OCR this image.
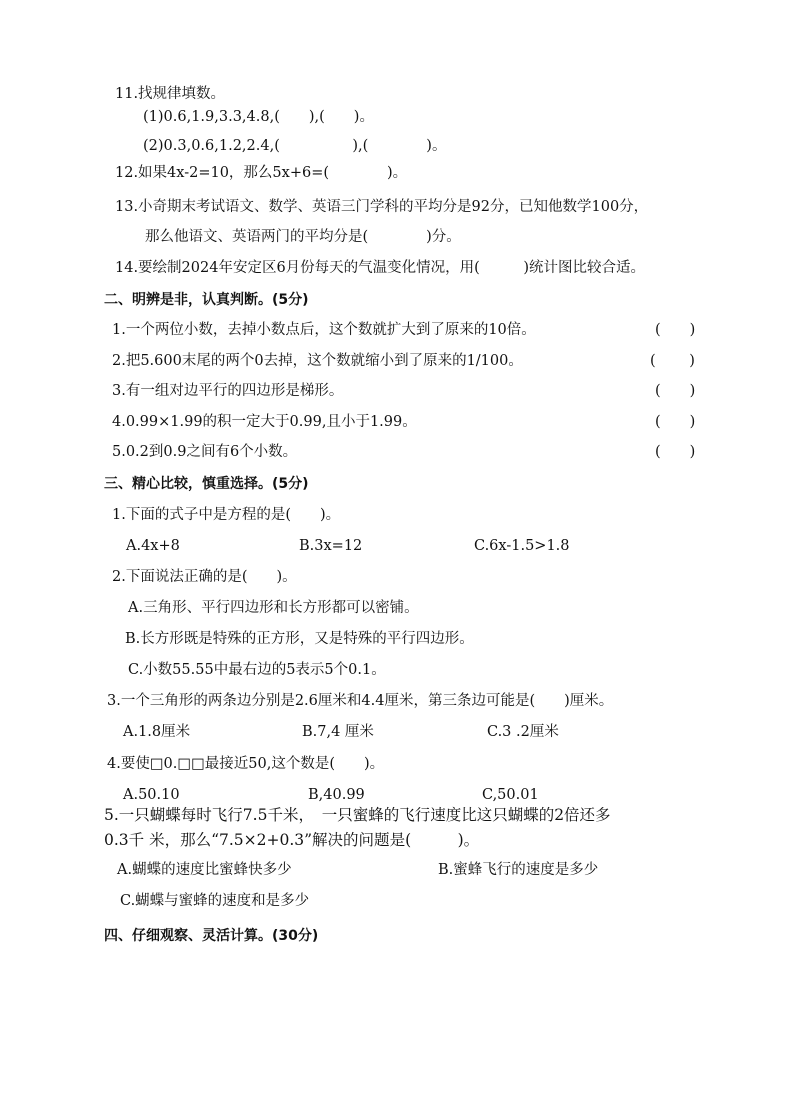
11.找规律填数。
(1)0.6,1.9,3.3,4.8,(　　),(　　)。
(2)0.3,0.6,1.2,2.4,(　　　　　),(　　　　)。
12.如果4x-2=10，那么5x+6=(　　　　)。
13.小奇期末考试语文、数学、英语三门学科的平均分是92分，已知他数学100分，
那么他语文、英语两门的平均分是(　　　　)分。
14.要绘制2024年安定区6月份每天的气温变化情况，用(　　　)统计图比较合适。
二、明辨是非，认真判断。(5分)
1.一个两位小数，去掉小数点后，这个数就扩大到了原来的10倍。	(　　)
2.把5.600末尾的两个0去掉，这个数就缩小到了原来的1/100。	(　　 )
3.有一组对边平行的四边形是梯形。	(　　)
4.0.99×1.99的积一定大于0.99,且小于1.99。	(　　)
5.0.2到0.9之间有6个小数。	(　　)
三、精心比较，慎重选择。(5分)
1.下面的式子中是方程的是(　　)。
A.4x+8	B.3x=12	C.6x-1.5>1.8
2.下面说法正确的是(　　)。
A.三角形、平行四边形和长方形都可以密铺。
B.长方形既是特殊的正方形，又是特殊的平行四边形。
C.小数55.55中最右边的5表示5个0.1。
3.一个三角形的两条边分别是2.6厘米和4.4厘米，第三条边可能是(　　)厘米。
A.1.8厘米	B.7,4 厘米	C.3 .2厘米
4.要使□0.□□最接近50,这个数是(　　)。
A.50.10	B,40.99	C,50.01
5.一只蝴蝶每时飞行7.5千米，　一只蜜蜂的飞行速度比这只蝴蝶的2倍还多
0.3千 米，那么“7.5×2+0.3”解决的问题是(　　　)。
A.蝴蝶的速度比蜜蜂快多少	B.蜜蜂飞行的速度是多少
C.蝴蝶与蜜蜂的速度和是多少
四、仔细观察、灵活计算。(30分)
